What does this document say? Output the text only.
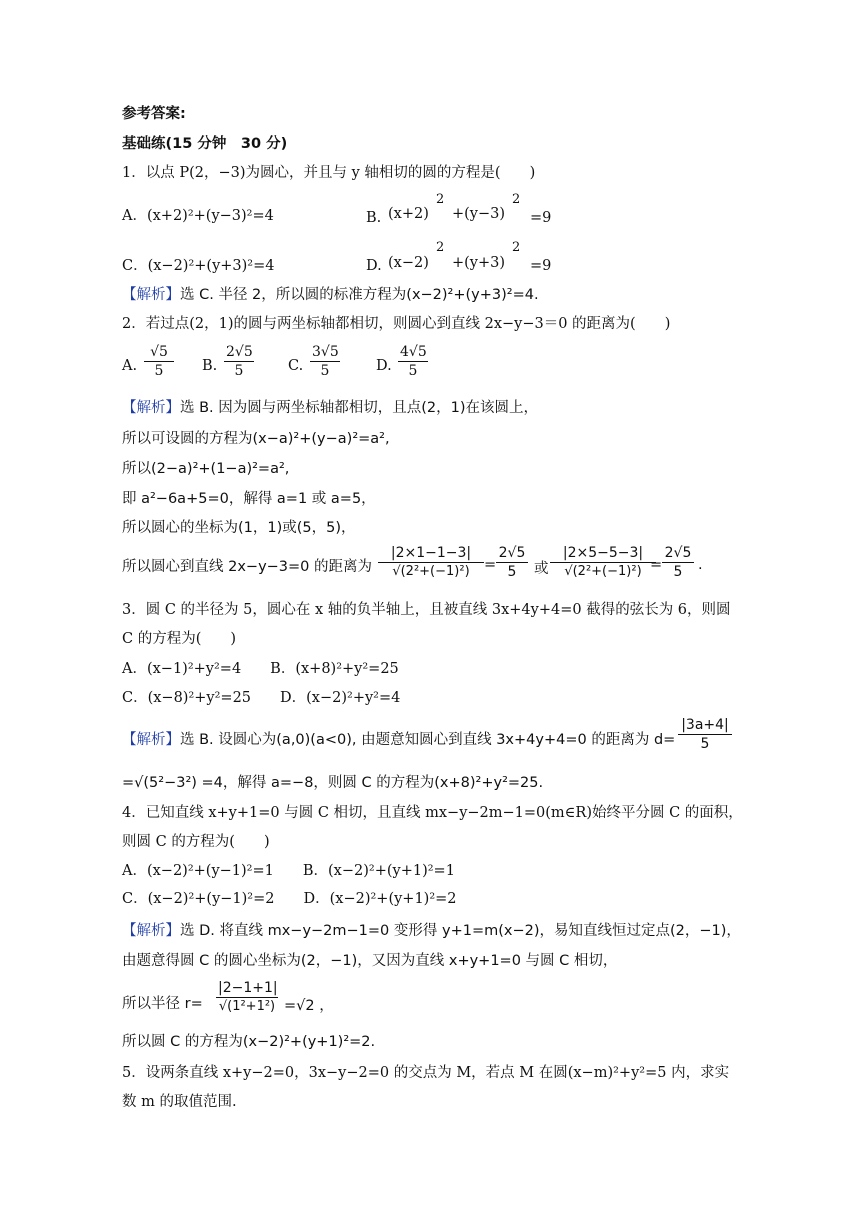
参考答案:
基础练(15 分钟　30 分)
1．以点 P(2，−3)为圆心，并且与 y 轴相切的圆的方程是(　　)
A．(x+2)²+(y−3)²=4	B. (x+2)
2
+(y−3)
2
=9
C．(x−2)²+(y+3)²=4	D. (x−2)
2
+(y+3)
2
=9
【解析】选 C. 半径 2，所以圆的标准方程为(x−2)²+(y+3)²=4.
2．若过点(2，1)的圆与两坐标轴都相切，则圆心到直线 2x−y−3＝0 的距离为(　　)
A.
√5
5	B.
2√5
5	C.
3√5
5	D.
4√5
5
【解析】选 B. 因为圆与两坐标轴都相切，且点(2，1)在该圆上，
所以可设圆的方程为(x−a)²+(y−a)²=a²,
所以(2−a)²+(1−a)²=a²,
即 a²−6a+5=0，解得 a=1 或 a=5，
所以圆心的坐标为(1，1)或(5，5)，
所以圆心到直线 2x−y−3=0 的距离为
|2×1−1−3|
√(2²+(−1)²) =
2√5
5	或
|2×5−5−3|
√(2²+(−1)²) =
2√5
5	.
3．圆 C 的半径为 5，圆心在 x 轴的负半轴上，且被直线 3x+4y+4=0 截得的弦长为 6，则圆
C 的方程为(　　)
A．(x−1)²+y²=4　　B．(x+8)²+y²=25
C．(x−8)²+y²=25　　D．(x−2)²+y²=4
【解析】选 B. 设圆心为(a,0)(a<0), 由题意知圆心到直线 3x+4y+4=0 的距离为 d=
|3a+4|
5
=√(5²−3²) =4，解得 a=−8，则圆 C 的方程为(x+8)²+y²=25.
4．已知直线 x+y+1=0 与圆 C 相切，且直线 mx−y−2m−1=0(m∈R)始终平分圆 C 的面积，
则圆 C 的方程为(　　)
A．(x−2)²+(y−1)²=1　　B．(x−2)²+(y+1)²=1
C．(x−2)²+(y−1)²=2　　D．(x−2)²+(y+1)²=2
【解析】选 D. 将直线 mx−y−2m−1=0 变形得 y+1=m(x−2)，易知直线恒过定点(2，−1)，
由题意得圆 C 的圆心坐标为(2，−1)，又因为直线 x+y+1=0 与圆 C 相切，
所以半径 r=
|2−1+1|
√(1²+1²) =√2 ，
所以圆 C 的方程为(x−2)²+(y+1)²=2.
5．设两条直线 x+y−2=0，3x−y−2=0 的交点为 M，若点 M 在圆(x−m)²+y²=5 内，求实
数 m 的取值范围.
